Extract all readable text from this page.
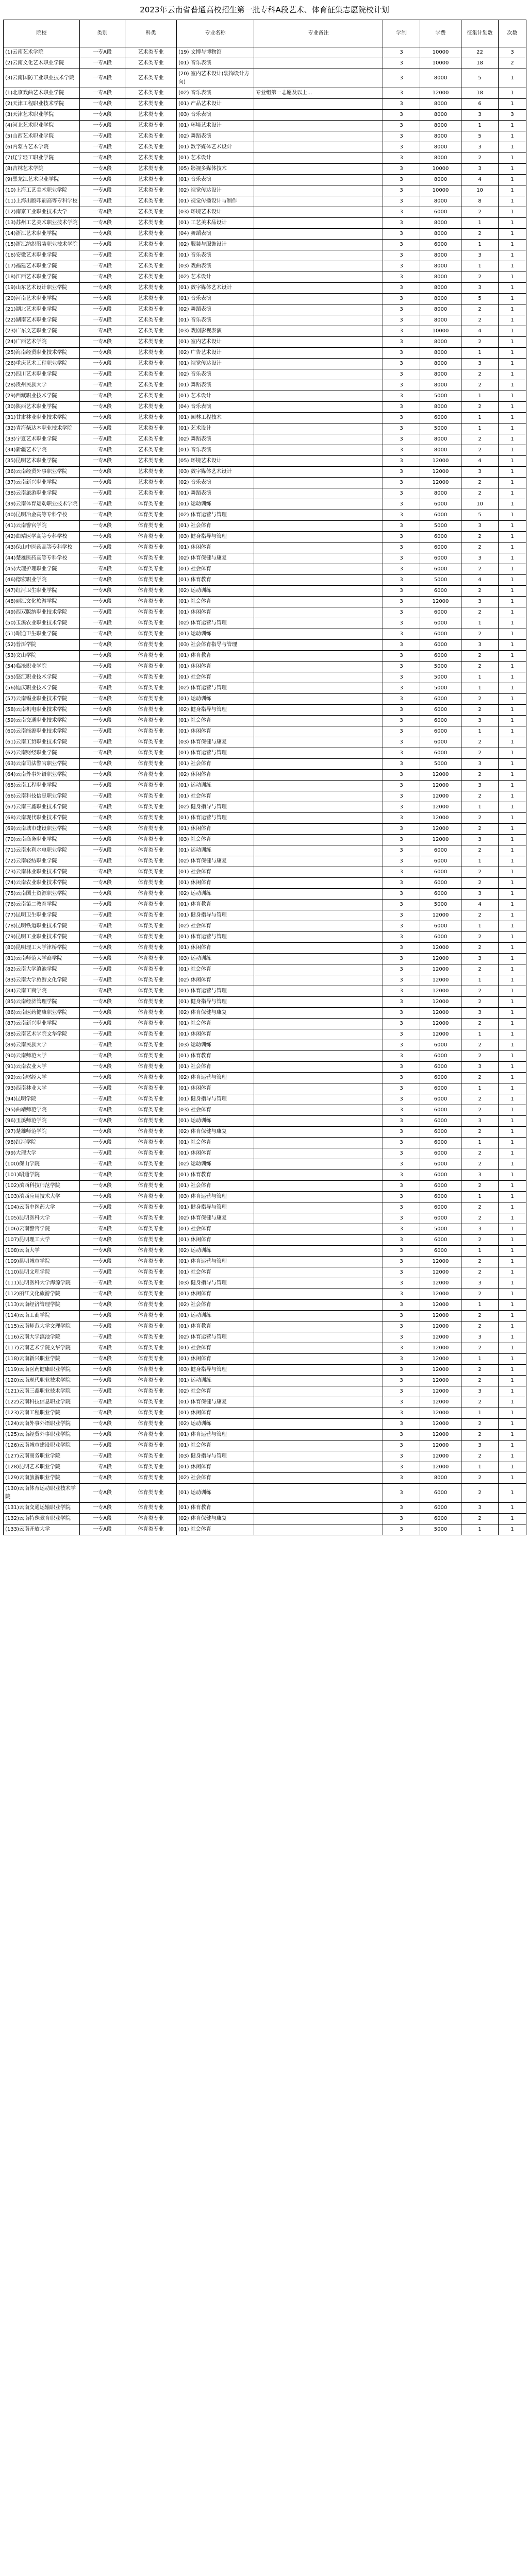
2023年云南省普通高校招生第一批专科A段艺术、体育征集志愿院校计划
院校	类别	科类	专业名称	专业备注	学制	学费	征集计划数	次数
(1)云南艺术学院	一专A段	艺术类专业	(19) 文博与博物馆		3	10000	22	3
(2)云南文化艺术职业学院	一专A段	艺术类专业	(01) 音乐表演		3	10000	18	2
(3)云南国防工业职业技术学院	一专A段	艺术类专业	(20) 室内艺术设计(装饰设计方向)		3	8000	5	1
(1)北京戏曲艺术职业学院	一专A段	艺术类专业	(02) 音乐表演	专业组第一志愿及以上...	3	12000	18	1
(2)天津工程职业技术学院	一专A段	艺术类专业	(01) 产品艺术设计		3	8000	6	1
(3)天津艺术职业学院	一专A段	艺术类专业	(03) 音乐表演		3	8000	3	3
(4)河北艺术职业学院	一专A段	艺术类专业	(01) 环境艺术设计		3	8000	1	1
(5)山西艺术职业学院	一专A段	艺术类专业	(02) 舞蹈表演		3	8000	5	1
(6)内蒙古艺术学院	一专A段	艺术类专业	(01) 数字媒体艺术设计		3	8000	3	1
(7)辽宁轻工职业学院	一专A段	艺术类专业	(01) 艺术设计		3	8000	2	1
(8)吉林艺术学院	一专A段	艺术类专业	(05) 影视多媒体技术		3	10000	3	1
(9)黑龙江艺术职业学院	一专A段	艺术类专业	(01) 音乐表演		3	8000	4	1
(10)上海工艺美术职业学院	一专A段	艺术类专业	(02) 视觉传达设计		3	10000	10	1
(11)上海出版印刷高等专科学校	一专A段	艺术类专业	(01) 视觉传播设计与制作		3	8000	8	1
(12)南京工业职业技术大学	一专A段	艺术类专业	(03) 环境艺术设计		3	6000	2	1
(13)苏州工艺美术职业技术学院	一专A段	艺术类专业	(01) 工艺美术品设计		3	8000	1	1
(14)浙江艺术职业学院	一专A段	艺术类专业	(04) 舞蹈表演		3	8000	2	1
(15)浙江纺织服装职业技术学院	一专A段	艺术类专业	(02) 服装与服饰设计		3	6000	1	1
(16)安徽艺术职业学院	一专A段	艺术类专业	(01) 音乐表演		3	8000	3	1
(17)福建艺术职业学院	一专A段	艺术类专业	(03) 戏曲表演		3	8000	1	1
(18)江西艺术职业学院	一专A段	艺术类专业	(02) 艺术设计		3	8000	2	1
(19)山东艺术设计职业学院	一专A段	艺术类专业	(01) 数字媒体艺术设计		3	8000	3	1
(20)河南艺术职业学院	一专A段	艺术类专业	(01) 音乐表演		3	8000	5	1
(21)湖北艺术职业学院	一专A段	艺术类专业	(02) 舞蹈表演		3	8000	2	1
(22)湖南艺术职业学院	一专A段	艺术类专业	(01) 音乐表演		3	8000	2	1
(23)广东文艺职业学院	一专A段	艺术类专业	(03) 戏剧影视表演		3	10000	4	1
(24)广西艺术学院	一专A段	艺术类专业	(01) 室内艺术设计		3	8000	2	1
(25)海南经贸职业技术学院	一专A段	艺术类专业	(02) 广告艺术设计		3	8000	1	1
(26)重庆艺术工程职业学院	一专A段	艺术类专业	(01) 视觉传达设计		3	8000	3	1
(27)四川艺术职业学院	一专A段	艺术类专业	(02) 音乐表演		3	8000	2	1
(28)贵州民族大学	一专A段	艺术类专业	(01) 舞蹈表演		3	8000	2	1
(29)西藏职业技术学院	一专A段	艺术类专业	(01) 艺术设计		3	5000	1	1
(30)陕西艺术职业学院	一专A段	艺术类专业	(04) 音乐表演		3	8000	2	1
(31)甘肃林业职业技术学院	一专A段	艺术类专业	(01) 园林工程技术		3	6000	1	1
(32)青海柴达木职业技术学院	一专A段	艺术类专业	(01) 艺术设计		3	5000	1	1
(33)宁夏艺术职业学院	一专A段	艺术类专业	(02) 舞蹈表演		3	8000	2	1
(34)新疆艺术学院	一专A段	艺术类专业	(01) 音乐表演		3	8000	2	1
(35)昆明艺术职业学院	一专A段	艺术类专业	(05) 环境艺术设计		3	12000	4	1
(36)云南经贸外事职业学院	一专A段	艺术类专业	(03) 数字媒体艺术设计		3	12000	3	1
(37)云南新兴职业学院	一专A段	艺术类专业	(02) 音乐表演		3	12000	2	1
(38)云南旅游职业学院	一专A段	艺术类专业	(01) 舞蹈表演		3	8000	2	1
(39)云南体育运动职业技术学院	一专A段	体育类专业	(01) 运动训练		3	6000	10	1
(40)昆明冶金高等专科学校	一专A段	体育类专业	(02) 体育运营与管理		3	6000	5	1
(41)云南警官学院	一专A段	体育类专业	(01) 社会体育		3	5000	3	1
(42)曲靖医学高等专科学校	一专A段	体育类专业	(03) 健身指导与管理		3	6000	2	1
(43)保山中医药高等专科学校	一专A段	体育类专业	(01) 休闲体育		3	6000	2	1
(44)楚雄医药高等专科学校	一专A段	体育类专业	(02) 体育保健与康复		3	6000	3	1
(45)大理护理职业学院	一专A段	体育类专业	(01) 社会体育		3	6000	2	1
(46)德宏职业学院	一专A段	体育类专业	(01) 体育教育		3	5000	4	1
(47)红河卫生职业学院	一专A段	体育类专业	(02) 运动训练		3	6000	2	1
(48)丽江文化旅游学院	一专A段	体育类专业	(01) 社会体育		3	12000	3	1
(49)西双版纳职业技术学院	一专A段	体育类专业	(01) 休闲体育		3	6000	2	1
(50)玉溪农业职业技术学院	一专A段	体育类专业	(02) 体育运营与管理		3	6000	1	1
(51)昭通卫生职业学院	一专A段	体育类专业	(01) 运动训练		3	6000	2	1
(52)普洱学院	一专A段	体育类专业	(03) 社会体育指导与管理		3	6000	3	1
(53)文山学院	一专A段	体育类专业	(01) 体育教育		3	6000	2	1
(54)临沧职业学院	一专A段	体育类专业	(01) 休闲体育		3	5000	2	1
(55)怒江职业技术学院	一专A段	体育类专业	(01) 社会体育		3	5000	1	1
(56)迪庆职业技术学院	一专A段	体育类专业	(02) 体育运营与管理		3	5000	1	1
(57)云南锡业职业技术学院	一专A段	体育类专业	(01) 运动训练		3	6000	2	1
(58)云南机电职业技术学院	一专A段	体育类专业	(02) 健身指导与管理		3	6000	2	1
(59)云南交通职业技术学院	一专A段	体育类专业	(01) 社会体育		3	6000	3	1
(60)云南能源职业技术学院	一专A段	体育类专业	(01) 休闲体育		3	6000	1	1
(61)云南工贸职业技术学院	一专A段	体育类专业	(03) 体育保健与康复		3	6000	2	1
(62)云南财经职业学院	一专A段	体育类专业	(01) 体育运营与管理		3	6000	2	1
(63)云南司法警官职业学院	一专A段	体育类专业	(01) 社会体育		3	5000	3	1
(64)云南外事外语职业学院	一专A段	体育类专业	(02) 休闲体育		3	12000	2	1
(65)云南工程职业学院	一专A段	体育类专业	(01) 运动训练		3	12000	3	1
(66)云南科技信息职业学院	一专A段	体育类专业	(01) 社会体育		3	12000	2	1
(67)云南三鑫职业技术学院	一专A段	体育类专业	(02) 健身指导与管理		3	12000	1	1
(68)云南现代职业技术学院	一专A段	体育类专业	(01) 体育运营与管理		3	12000	2	1
(69)云南城市建设职业学院	一专A段	体育类专业	(01) 休闲体育		3	12000	2	1
(70)云南商务职业学院	一专A段	体育类专业	(03) 社会体育		3	12000	3	1
(71)云南水利水电职业学院	一专A段	体育类专业	(01) 运动训练		3	6000	2	1
(72)云南轻纺职业学院	一专A段	体育类专业	(02) 体育保健与康复		3	6000	1	1
(73)云南林业职业技术学院	一专A段	体育类专业	(01) 社会体育		3	6000	2	1
(74)云南农业职业技术学院	一专A段	体育类专业	(01) 休闲体育		3	6000	2	1
(75)云南国土资源职业学院	一专A段	体育类专业	(02) 运动训练		3	6000	3	1
(76)云南第二教育学院	一专A段	体育类专业	(01) 体育教育		3	5000	4	1
(77)昆明卫生职业学院	一专A段	体育类专业	(01) 健身指导与管理		3	12000	2	1
(78)昆明铁道职业技术学院	一专A段	体育类专业	(02) 社会体育		3	6000	1	1
(79)昆明工业职业技术学院	一专A段	体育类专业	(01) 体育运营与管理		3	6000	2	1
(80)昆明理工大学津桥学院	一专A段	体育类专业	(01) 休闲体育		3	12000	2	1
(81)云南师范大学商学院	一专A段	体育类专业	(03) 运动训练		3	12000	3	1
(82)云南大学滇池学院	一专A段	体育类专业	(01) 社会体育		3	12000	2	1
(83)云南大学旅游文化学院	一专A段	体育类专业	(02) 休闲体育		3	12000	1	1
(84)云南工商学院	一专A段	体育类专业	(01) 体育运营与管理		3	12000	2	1
(85)云南经济管理学院	一专A段	体育类专业	(01) 健身指导与管理		3	12000	2	1
(86)云南医药健康职业学院	一专A段	体育类专业	(02) 体育保健与康复		3	12000	3	1
(87)云南新兴职业学院	一专A段	体育类专业	(01) 社会体育		3	12000	2	1
(88)云南艺术学院文华学院	一专A段	体育类专业	(01) 休闲体育		3	12000	1	1
(89)云南民族大学	一专A段	体育类专业	(03) 运动训练		3	6000	2	1
(90)云南师范大学	一专A段	体育类专业	(01) 体育教育		3	6000	2	1
(91)云南农业大学	一专A段	体育类专业	(01) 社会体育		3	6000	3	1
(92)云南财经大学	一专A段	体育类专业	(02) 体育运营与管理		3	6000	2	1
(93)西南林业大学	一专A段	体育类专业	(01) 休闲体育		3	6000	1	1
(94)昆明学院	一专A段	体育类专业	(01) 健身指导与管理		3	6000	2	1
(95)曲靖师范学院	一专A段	体育类专业	(03) 社会体育		3	6000	2	1
(96)玉溪师范学院	一专A段	体育类专业	(01) 运动训练		3	6000	3	1
(97)楚雄师范学院	一专A段	体育类专业	(02) 体育保健与康复		3	6000	2	1
(98)红河学院	一专A段	体育类专业	(01) 社会体育		3	6000	1	1
(99)大理大学	一专A段	体育类专业	(01) 休闲体育		3	6000	2	1
(100)保山学院	一专A段	体育类专业	(02) 运动训练		3	6000	2	1
(101)昭通学院	一专A段	体育类专业	(01) 体育教育		3	6000	3	1
(102)滇西科技师范学院	一专A段	体育类专业	(01) 社会体育		3	6000	2	1
(103)滇西应用技术大学	一专A段	体育类专业	(03) 体育运营与管理		3	6000	1	1
(104)云南中医药大学	一专A段	体育类专业	(01) 健身指导与管理		3	6000	2	1
(105)昆明医科大学	一专A段	体育类专业	(02) 体育保健与康复		3	6000	2	1
(106)云南警官学院	一专A段	体育类专业	(01) 社会体育		3	5000	3	1
(107)昆明理工大学	一专A段	体育类专业	(01) 休闲体育		3	6000	2	1
(108)云南大学	一专A段	体育类专业	(02) 运动训练		3	6000	1	1
(109)昆明城市学院	一专A段	体育类专业	(01) 体育运营与管理		3	12000	2	1
(110)昆明文理学院	一专A段	体育类专业	(01) 社会体育		3	12000	2	1
(111)昆明医科大学海源学院	一专A段	体育类专业	(03) 健身指导与管理		3	12000	3	1
(112)丽江文化旅游学院	一专A段	体育类专业	(01) 休闲体育		3	12000	2	1
(113)云南经济管理学院	一专A段	体育类专业	(02) 社会体育		3	12000	1	1
(114)云南工商学院	一专A段	体育类专业	(01) 运动训练		3	12000	2	1
(115)云南师范大学文理学院	一专A段	体育类专业	(01) 体育教育		3	12000	2	1
(116)云南大学滇池学院	一专A段	体育类专业	(02) 体育运营与管理		3	12000	3	1
(117)云南艺术学院文华学院	一专A段	体育类专业	(01) 社会体育		3	12000	2	1
(118)云南新兴职业学院	一专A段	体育类专业	(01) 休闲体育		3	12000	1	1
(119)云南医药健康职业学院	一专A段	体育类专业	(03) 健身指导与管理		3	12000	2	1
(120)云南现代职业技术学院	一专A段	体育类专业	(01) 运动训练		3	12000	2	1
(121)云南三鑫职业技术学院	一专A段	体育类专业	(02) 社会体育		3	12000	3	1
(122)云南科技信息职业学院	一专A段	体育类专业	(01) 体育保健与康复		3	12000	2	1
(123)云南工程职业学院	一专A段	体育类专业	(01) 休闲体育		3	12000	1	1
(124)云南外事外语职业学院	一专A段	体育类专业	(02) 运动训练		3	12000	2	1
(125)云南经贸外事职业学院	一专A段	体育类专业	(01) 体育运营与管理		3	12000	2	1
(126)云南城市建设职业学院	一专A段	体育类专业	(01) 社会体育		3	12000	3	1
(127)云南商务职业学院	一专A段	体育类专业	(03) 健身指导与管理		3	12000	2	1
(128)昆明艺术职业学院	一专A段	体育类专业	(01) 休闲体育		3	12000	1	1
(129)云南旅游职业学院	一专A段	体育类专业	(02) 社会体育		3	8000	2	1
(130)云南体育运动职业技术学院	一专A段	体育类专业	(01) 运动训练		3	6000	2	1
(131)云南交通运输职业学院	一专A段	体育类专业	(01) 体育教育		3	6000	3	1
(132)云南特殊教育职业学院	一专A段	体育类专业	(02) 体育保健与康复		3	6000	2	1
(133)云南开放大学	一专A段	体育类专业	(01) 社会体育		3	5000	1	1
